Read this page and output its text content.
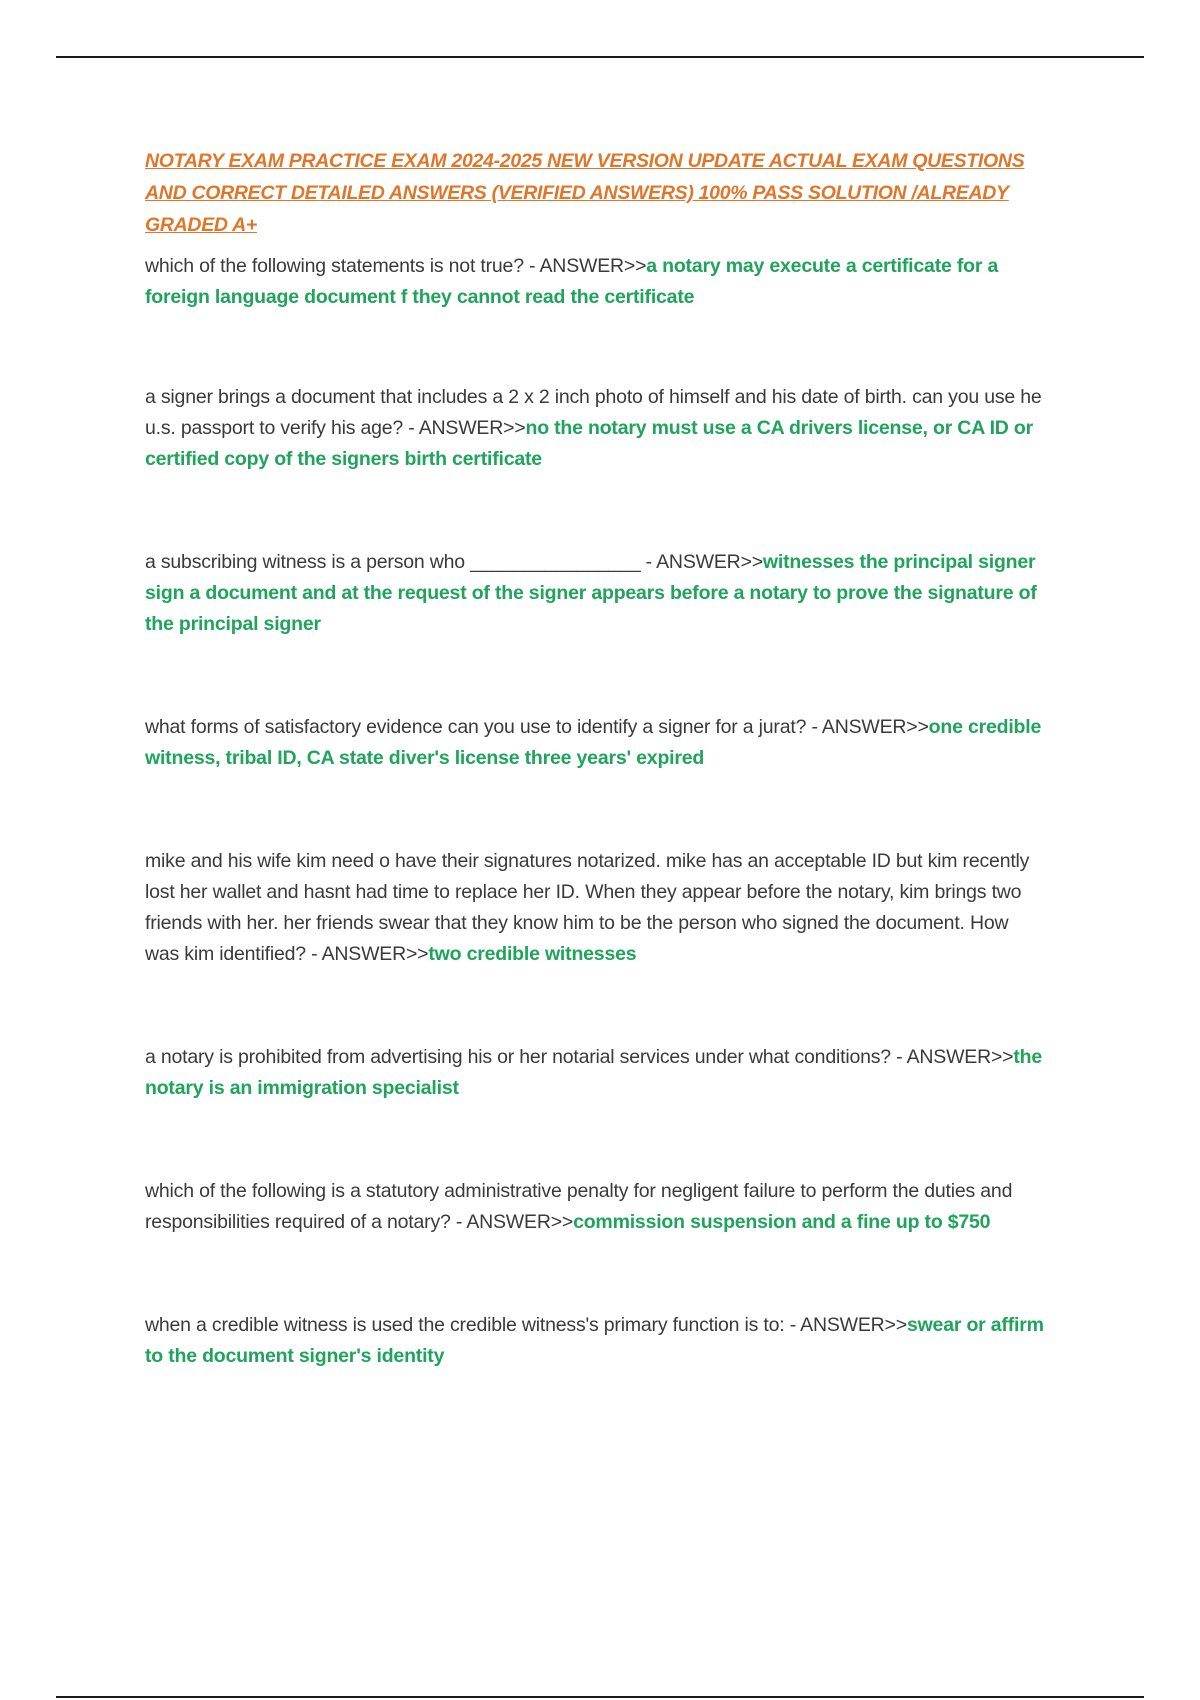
NOTARY EXAM PRACTICE EXAM 2024-2025 NEW VERSION UPDATE ACTUAL EXAM QUESTIONS AND CORRECT DETAILED ANSWERS (VERIFIED ANSWERS) 100% PASS SOLUTION /ALREADY GRADED A+

which of the following statements is not true? - ANSWER>>a notary may execute a certificate for a foreign language document f they cannot read the certificate

a signer brings a document that includes a 2 x 2 inch photo of himself and his date of birth. can you use he u.s. passport to verify his age? - ANSWER>>no the notary must use a CA drivers license, or CA ID or certified copy of the signers birth certificate

a subscribing witness is a person who ________________ - ANSWER>>witnesses the principal signer sign a document and at the request of the signer appears before a notary to prove the signature of the principal signer

what forms of satisfactory evidence can you use to identify a signer for a jurat? - ANSWER>>one credible witness, tribal ID, CA state diver's license three years' expired

mike and his wife kim need o have their signatures notarized. mike has an acceptable ID but kim recently lost her wallet and hasnt had time to replace her ID. When they appear before the notary, kim brings two friends with her. her friends swear that they know him to be the person who signed the document. How was kim identified? - ANSWER>>two credible witnesses

a notary is prohibited from advertising his or her notarial services under what conditions? - ANSWER>>the notary is an immigration specialist

which of the following is a statutory administrative penalty for negligent failure to perform the duties and responsibilities required of a notary? - ANSWER>>commission suspension and a fine up to $750

when a credible witness is used the credible witness's primary function is to: - ANSWER>>swear or affirm to the document signer's identity
